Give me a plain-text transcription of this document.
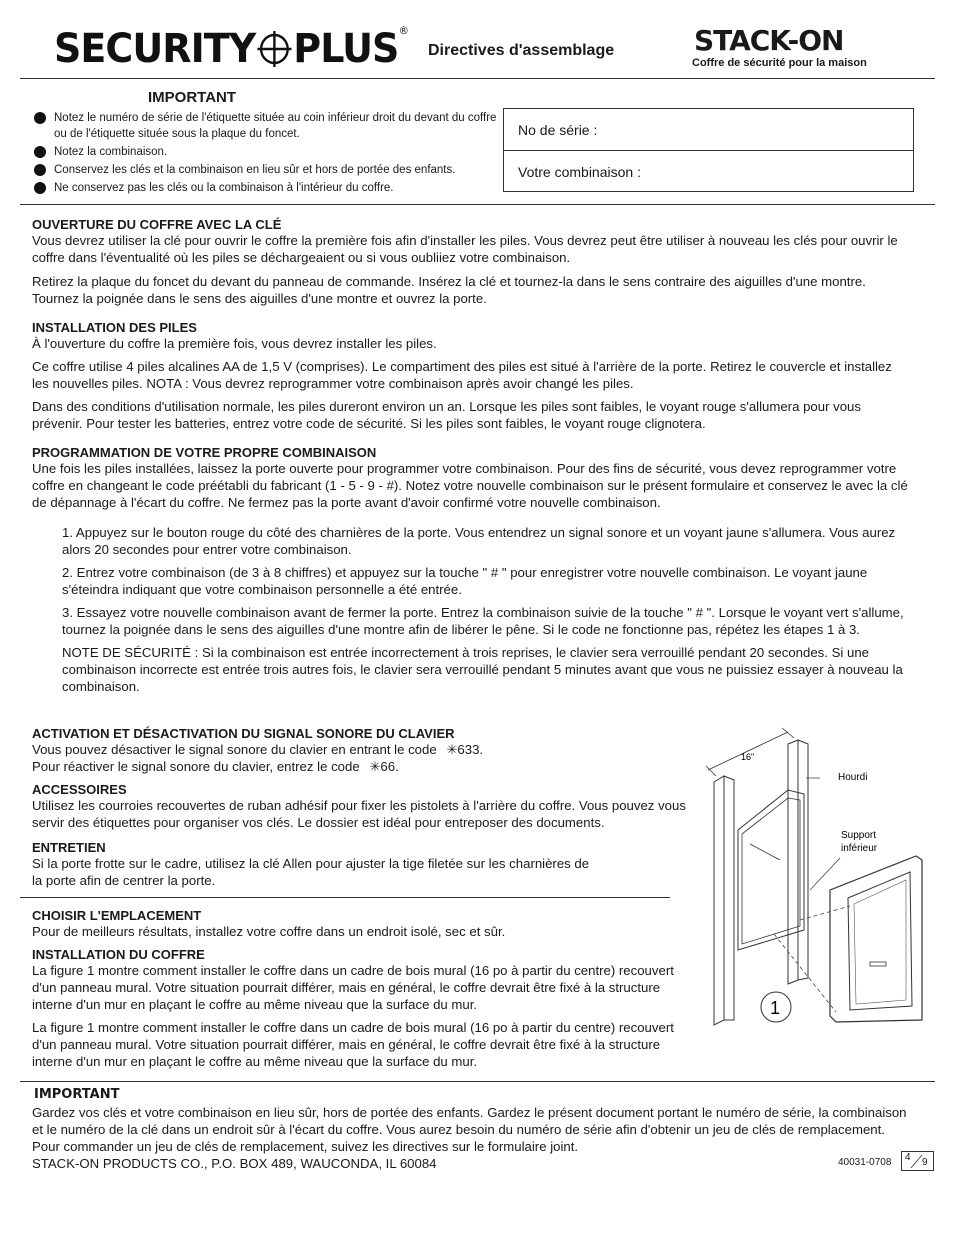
SECURITY PLUS®
Directives d'assemblage	STACK-ON
Coffre de sécurité pour la maison
IMPORTANT
Notez le numéro de série de l'étiquette située au coin inférieur droit du devant du coffre ou de l'étiquette située sous la plaque du foncet.
Notez la combinaison.
Conservez les clés et la combinaison en lieu sûr et hors de portée des enfants.
Ne conservez pas les clés ou la combinaison à l'intérieur du coffre.
No de série :
Votre combinaison :

OUVERTURE DU COFFRE AVEC LA CLÉ

Vous devrez utiliser la clé pour ouvrir le coffre la première fois afin d'installer les piles. Vous devrez peut être utiliser à nouveau les clés pour ouvrir le coffre dans l'éventualité où les piles se déchargeaient ou si vous oubliiez votre combinaison.

Retirez la plaque du foncet du devant du panneau de commande. Insérez la clé et tournez-la dans le sens contraire des aiguilles d'une montre. Tournez la poignée dans le sens des aiguilles d'une montre et ouvrez la porte.

INSTALLATION DES PILES

À l'ouverture du coffre la première fois, vous devrez installer les piles.

Ce coffre utilise 4 piles alcalines AA de 1,5 V (comprises). Le compartiment des piles est situé à l'arrière de la porte. Retirez le couvercle et installez les nouvelles piles. NOTA : Vous devrez reprogrammer votre combinaison après avoir changé les piles.

Dans des conditions d'utilisation normale, les piles dureront environ un an. Lorsque les piles sont faibles, le voyant rouge s'allumera pour vous prévenir. Pour tester les batteries, entrez votre code de sécurité. Si les piles sont faibles, le voyant rouge clignotera.

PROGRAMMATION DE VOTRE PROPRE COMBINAISON

Une fois les piles installées, laissez la porte ouverte pour programmer votre combinaison. Pour des fins de sécurité, vous devez reprogrammer votre coffre en changeant le code préétabli du fabricant (1 - 5 - 9 - #). Notez votre nouvelle combinaison sur le présent formulaire et conservez le avec la clé de dépannage à l'écart du coffre. Ne fermez pas la porte avant d'avoir confirmé votre nouvelle combinaison.

1. Appuyez sur le bouton rouge du côté des charnières de la porte. Vous entendrez un signal sonore et un voyant jaune s'allumera. Vous aurez alors 20 secondes pour entrer votre combinaison.

2. Entrez votre combinaison (de 3 à 8 chiffres) et appuyez sur la touche " # " pour enregistrer votre nouvelle combinaison. Le voyant jaune s'éteindra indiquant que votre combinaison personnelle a été entrée.

3. Essayez votre nouvelle combinaison avant de fermer la porte. Entrez la combinaison suivie de la touche " # ". Lorsque le voyant vert s'allume, tournez la poignée dans le sens des aiguilles d'une montre afin de libérer le pêne. Si le code ne fonctionne pas, répétez les étapes 1 à 3.

NOTE DE SÉCURITÉ : Si la combinaison est entrée incorrectement à trois reprises, le clavier sera verrouillé pendant 20 secondes. Si une combinaison incorrecte est entrée trois autres fois, le clavier sera verrouillé pendant 5 minutes avant que vous ne puissiez essayer à nouveau la combinaison.

ACTIVATION ET DÉSACTIVATION DU SIGNAL SONORE DU CLAVIER

Vous pouvez désactiver le signal sonore du clavier en entrant le code ✳633.

Pour réactiver le signal sonore du clavier, entrez le code ✳66.

ACCESSOIRES

Utilisez les courroies recouvertes de ruban adhésif pour fixer les pistolets à l'arrière du coffre. Vous pouvez vous servir des étiquettes pour organiser vos clés. Le dossier est idéal pour entreposer des documents.

ENTRETIEN

Si la porte frotte sur le cadre, utilisez la clé Allen pour ajuster la tige filetée sur les charnières de

la porte afin de centrer la porte.

CHOISIR L'EMPLACEMENT

Pour de meilleurs résultats, installez votre coffre dans un endroit isolé, sec et sûr.

INSTALLATION DU COFFRE

La figure 1 montre comment installer le coffre dans un cadre de bois mural (16 po à partir du centre) recouvert d'un panneau mural. Votre situation pourrait différer, mais en général, le coffre devrait être fixé à la structure interne d'un mur en plaçant le coffre au même niveau que la surface du mur.

La figure 1 montre comment installer le coffre dans un cadre de bois mural (16 po à partir du centre) recouvert d'un panneau mural. Votre situation pourrait différer, mais en général, le coffre devrait être fixé à la structure interne d'un mur en plaçant le coffre au même niveau que la surface du mur.

16"
Hourdi
Support
inférieur
1
IMPORTANT

Gardez vos clés et votre combinaison en lieu sûr, hors de portée des enfants. Gardez le présent document portant le numéro de série, la combinaison et le numéro de la clé dans un endroit sûr à l'écart du coffre. Vous aurez besoin du numéro de série afin d'obtenir un jeu de clés de remplacement. Pour commander un jeu de clés de remplacement, suivez les directives sur le formulaire joint.

STACK-ON PRODUCTS CO., P.O. BOX 489, WAUCONDA, IL 60084	40031-0708 4 9
